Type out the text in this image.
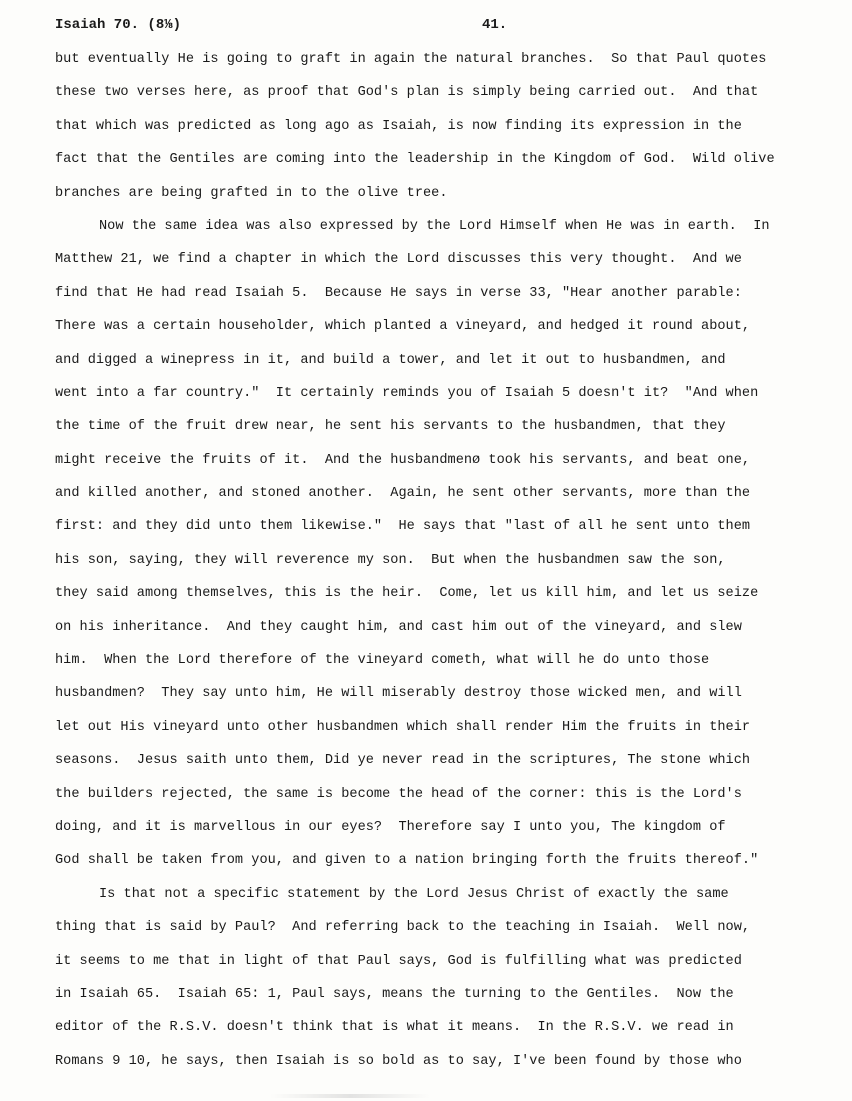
Isaiah 70. (8⅛)	41.
but eventually He is going to graft in again the natural branches.  So that Paul quotes
these two verses here, as proof that God's plan is simply being carried out.  And that
that which was predicted as long ago as Isaiah, is now finding its expression in the
fact that the Gentiles are coming into the leadership in the Kingdom of God.  Wild olive
branches are being grafted in to the olive tree.
Now the same idea was also expressed by the Lord Himself when He was in earth.  In
Matthew 21, we find a chapter in which the Lord discusses this very thought.  And we
find that He had read Isaiah 5.  Because He says in verse 33, "Hear another parable:
There was a certain householder, which planted a vineyard, and hedged it round about,
and digged a winepress in it, and build a tower, and let it out to husbandmen, and
went into a far country."  It certainly reminds you of Isaiah 5 doesn't it?  "And when
the time of the fruit drew near, he sent his servants to the husbandmen, that they
might receive the fruits of it.  And the husbandmenø took his servants, and beat one,
and killed another, and stoned another.  Again, he sent other servants, more than the
first: and they did unto them likewise."  He says that "last of all he sent unto them
his son, saying, they will reverence my son.  But when the husbandmen saw the son,
they said among themselves, this is the heir.  Come, let us kill him, and let us seize
on his inheritance.  And they caught him, and cast him out of the vineyard, and slew
him.  When the Lord therefore of the vineyard cometh, what will he do unto those
husbandmen?  They say unto him, He will miserably destroy those wicked men, and will
let out His vineyard unto other husbandmen which shall render Him the fruits in their
seasons.  Jesus saith unto them, Did ye never read in the scriptures, The stone which
the builders rejected, the same is become the head of the corner: this is the Lord's
doing, and it is marvellous in our eyes?  Therefore say I unto you, The kingdom of
God shall be taken from you, and given to a nation bringing forth the fruits thereof."
Is that not a specific statement by the Lord Jesus Christ of exactly the same
thing that is said by Paul?  And referring back to the teaching in Isaiah.  Well now,
it seems to me that in light of that Paul says, God is fulfilling what was predicted
in Isaiah 65.  Isaiah 65: 1, Paul says, means the turning to the Gentiles.  Now the
editor of the R.S.V. doesn't think that is what it means.  In the R.S.V. we read in
Romans 9 10, he says, then Isaiah is so bold as to say, I've been found by those who
